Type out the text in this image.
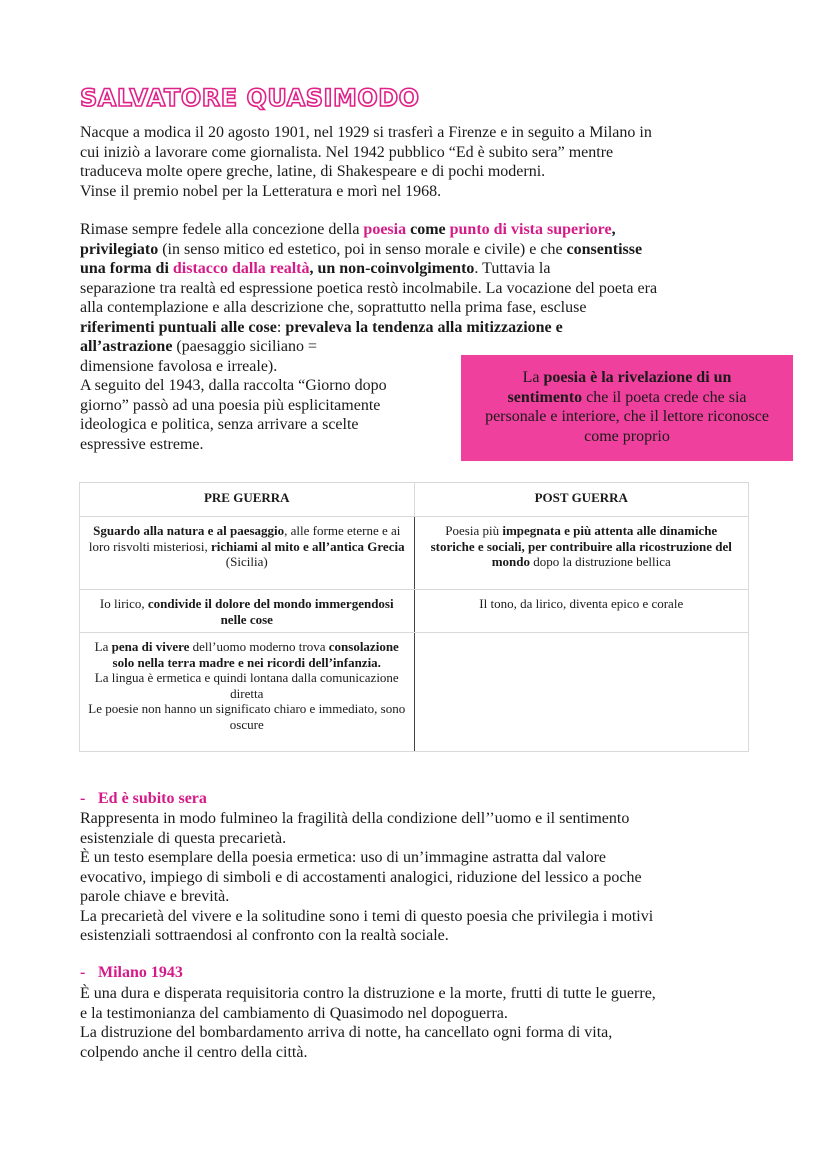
SALVATORE QUASIMODO

Nacque a modica il 20 agosto 1901, nel 1929 si trasferì a Firenze e in seguito a Milano in
cui iniziò a lavorare come giornalista. Nel 1942 pubblico “Ed è subito sera” mentre
traduceva molte opere greche, latine, di Shakespeare e di pochi moderni.
Vinse il premio nobel per la Letteratura e morì nel 1968.

Rimase sempre fedele alla concezione della poesia come punto di vista superiore,
privilegiato (in senso mitico ed estetico, poi in senso morale e civile) e che consentisse
una forma di distacco dalla realtà, un non-coinvolgimento. Tuttavia la
separazione tra realtà ed espressione poetica restò incolmabile. La vocazione del poeta era
alla contemplazione e alla descrizione che, soprattutto nella prima fase, escluse
riferimenti puntuali alle cose: prevaleva la tendenza alla mitizzazione e
all’astrazione (paesaggio siciliano =
dimensione favolosa e irreale).
A seguito del 1943, dalla raccolta “Giorno dopo
giorno” passò ad una poesia più esplicitamente
ideologica e politica, senza arrivare a scelte
espressive estreme.

La poesia è la rivelazione di un
sentimento che il poeta crede che sia personale e interiore, che il lettore riconosce come proprio
PRE GUERRA	POST GUERRA
Sguardo alla natura e al paesaggio, alle forme eterne e ai loro risvolti misteriosi, richiami al mito e all’antica Grecia (Sicilia)	Poesia più impegnata e più attenta alle dinamiche storiche e sociali, per contribuire alla ricostruzione del mondo dopo la distruzione bellica
Io lirico, condivide il dolore del mondo immergendosi nelle cose	Il tono, da lirico, diventa epico e corale
La pena di vivere dell’uomo moderno trova consolazione solo nella terra madre e nei ricordi dell’infanzia.
La lingua è ermetica e quindi lontana dalla comunicazione diretta
Le poesie non hanno un significato chiaro e immediato, sono oscure	

- Ed è subito sera

Rappresenta in modo fulmineo la fragilità della condizione dell’’uomo e il sentimento
esistenziale di questa precarietà.
È un testo esemplare della poesia ermetica: uso di un’immagine astratta dal valore
evocativo, impiego di simboli e di accostamenti analogici, riduzione del lessico a poche
parole chiave e brevità.
La precarietà del vivere e la solitudine sono i temi di questo poesia che privilegia i motivi
esistenziali sottraendosi al confronto con la realtà sociale.

- Milano 1943

È una dura e disperata requisitoria contro la distruzione e la morte, frutti di tutte le guerre,
e la testimonianza del cambiamento di Quasimodo nel dopoguerra.
La distruzione del bombardamento arriva di notte, ha cancellato ogni forma di vita,
colpendo anche il centro della città.
